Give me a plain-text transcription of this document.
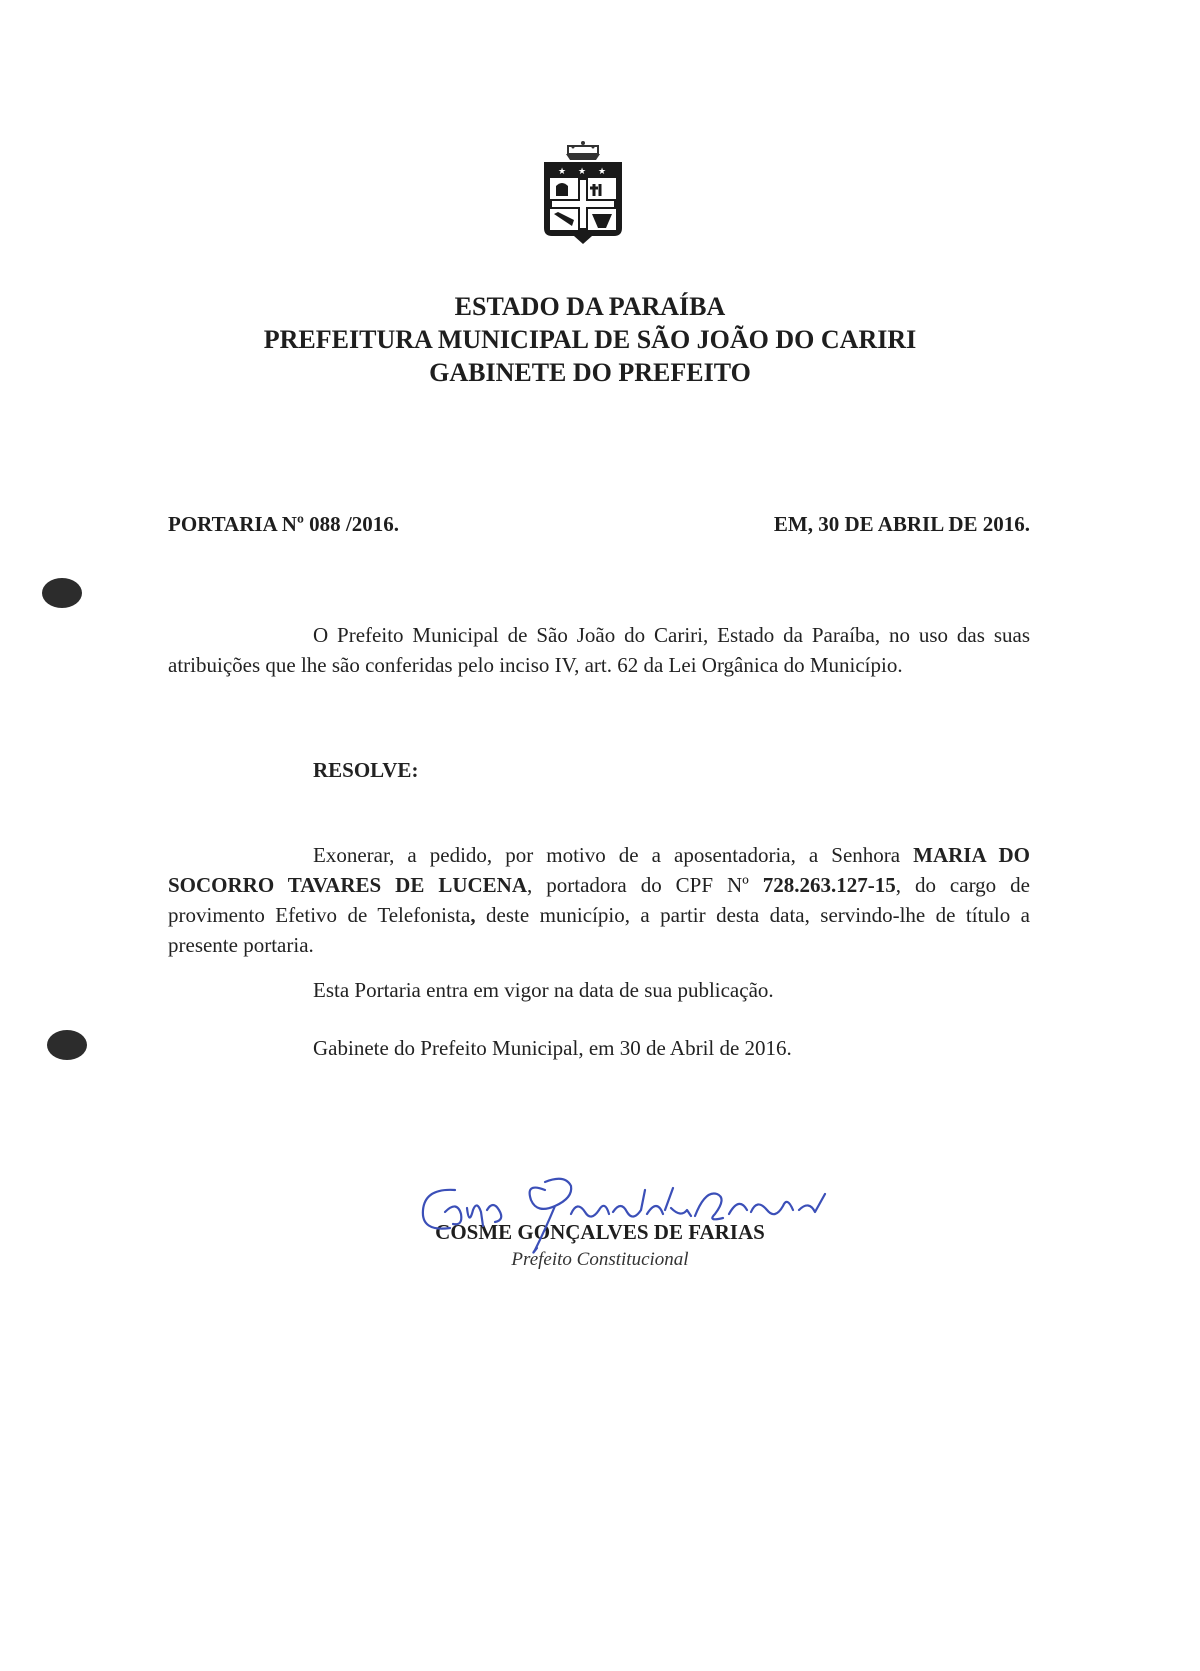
★ ★ ★
ESTADO DA PARAÍBA
PREFEITURA MUNICIPAL DE SÃO JOÃO DO CARIRI
GABINETE DO PREFEITO
PORTARIA Nº 088 /2016.	EM, 30 DE ABRIL DE 2016.
O Prefeito Municipal de São João do Cariri, Estado da Paraíba, no uso das suas atribuições que lhe são conferidas pelo inciso IV, art. 62 da Lei Orgânica do Município.
RESOLVE:
Exonerar, a pedido, por motivo de a aposentadoria, a Senhora MARIA DO SOCORRO TAVARES DE LUCENA, portadora do CPF Nº 728.263.127-15, do cargo de provimento Efetivo de Telefonista, deste município, a partir desta data, servindo-lhe de título a presente portaria.
Esta Portaria entra em vigor na data de sua publicação.
Gabinete do Prefeito Municipal, em 30 de Abril de 2016.
COSME GONÇALVES DE FARIAS
Prefeito Constitucional
